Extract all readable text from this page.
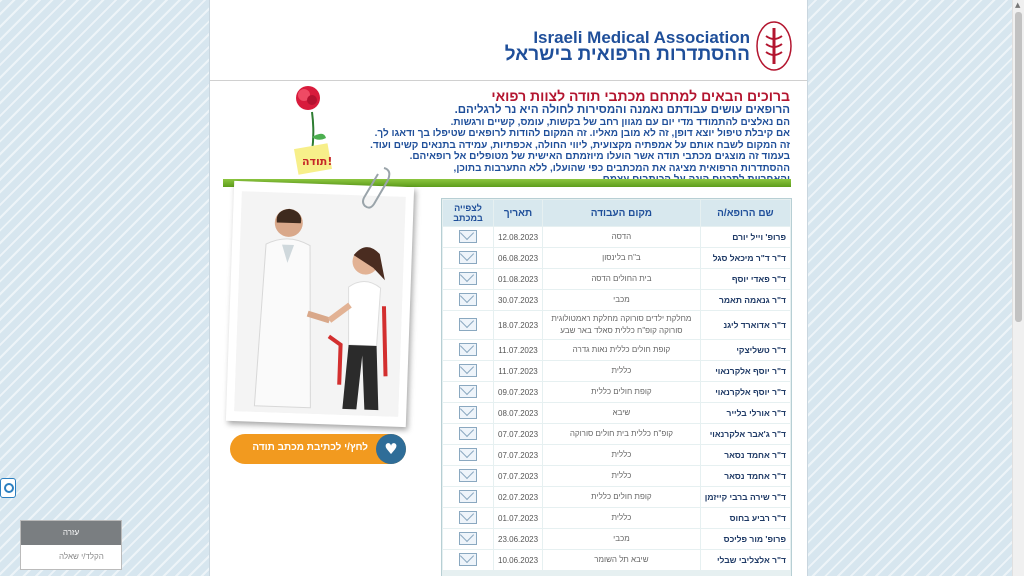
Israeli Medical Association
ההסתדרות הרפואית בישראל
תודה!
ברוכים הבאים למתחם מכתבי תודה לצוות רפואי
הרופאים עושים עבודתם נאמנה והמסירות לחולה היא נר לרגליהם.
הם נאלצים להתמודד מדי יום עם מגוון רחב של בקשות, עומס, קשיים ורגשות.
אם קיבלת טיפול יוצא דופן, זה לא מובן מאליו. זה המקום להודות לרופאים שטיפלו בך ודאגו לך.
זה המקום לשבח אותם על אמפתיה מקצועית, ליווי החולה, אכפתיות, עמידה בתנאים קשים ועוד.
בעמוד זה מוצגים מכתבי תודה אשר הועלו מיוזמתם האישית של מטופלים אל רופאיהם.
ההסתדרות הרפואית מציגה את המכתבים כפי שהועלו, ללא התערבות בתוכן,
לחץ/י לכתיבת מכתב תודה	♥
שם הרופא/ה	מקום העבודה	תאריך	לצפייה במכתב
פרופ' וייל יורם	הדסה	12.08.2023	
ד"ר ד"ר מיכאל סגל	ב"ח בלינסון	06.08.2023	
ד"ר פאדי יוסף	בית החולים הדסה	01.08.2023	
ד"ר גנאמה תאמר	מכבי	30.07.2023	
ד"ר אדוארד ליגנ	מחלקת ילדים סורוקה מחלקת ראמטולוגית סורוקה קופ"ח כללית סאלד באר שבע	18.07.2023	
ד"ר טשליצקי	קופת חולים כללית נאות גדרה	11.07.2023	
ד"ר יוסף אלקרנאוי	כללית	11.07.2023	
ד"ר יוסף אלקרנאוי	קופת חולים כללית	09.07.2023	
ד"ר אורלי בלייר	שיבא	08.07.2023	
ד"ר ג'אבר אלקרנאוי	קופ"ח כללית בית חולים סורוקה	07.07.2023	
ד"ר אחמד נסאר	כללית	07.07.2023	
ד"ר אחמד נסאר	כללית	07.07.2023	
ד"ר שירה ברבי קייזמן	קופת חולים כללית	02.07.2023	
ד"ר רביע בחוס	כללית	01.07.2023	
פרופ' מור פליכס	מכבי	23.06.2023	
ד"ר אלצליבי שבלי	שיבא תל השומר	10.06.2023	
עזרה
הקלד/י שאלה
▲
